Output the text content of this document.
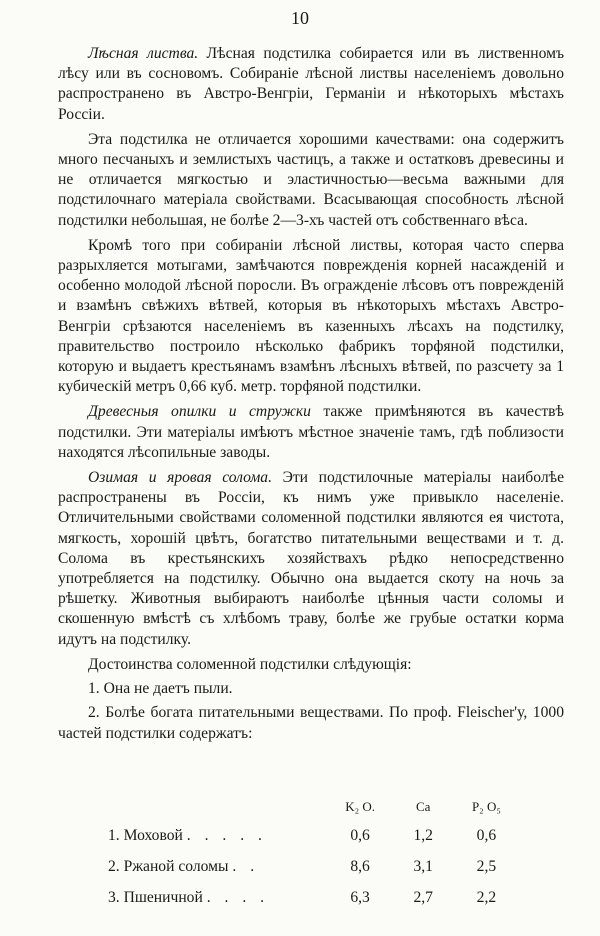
10

Лѣсная листва. Лѣсная подстилка собирается или въ лиственномъ лѣсу или въ сосновомъ. Собираніе лѣсной листвы населеніемъ довольно распространено въ Австро-Венгріи, Германіи и нѣкоторыхъ мѣстахъ Россіи.

Эта подстилка не отличается хорошими качествами: она содержитъ много песчаныхъ и землистыхъ частицъ, а также и остатковъ древесины и не отличается мягкостью и эластичностью—весьма важными для подстилочнаго матеріала свойствами. Всасывающая способность лѣсной подстилки небольшая, не болѣе 2—3-хъ частей отъ собственнаго вѣса.

Кромѣ того при собираніи лѣсной листвы, которая часто сперва разрыхляется мотыгами, замѣчаются поврежденія корней насажденій и особенно молодой лѣсной поросли. Въ огражденіе лѣсовъ отъ поврежденій и взамѣнъ свѣжихъ вѣтвей, которыя въ нѣкоторыхъ мѣстахъ Австро-Венгріи срѣзаются населеніемъ въ казенныхъ лѣсахъ на подстилку, правительство построило нѣсколько фабрикъ торфяной подстилки, которую и выдаетъ крестьянамъ взамѣнъ лѣсныхъ вѣтвей, по разсчету за 1 кубическій метръ 0,66 куб. метр. торфяной подстилки.

Древесныя опилки и стружки также примѣняются въ качествѣ подстилки. Эти матеріалы имѣютъ мѣстное значеніе тамъ, гдѣ поблизости находятся лѣсопильные заводы.

Озимая и яровая солома. Эти подстилочные матеріалы наиболѣе распространены въ Россіи, къ нимъ уже привыкло населеніе. Отличительными свойствами соломенной подстилки являются ея чистота, мягкость, хорошій цвѣтъ, богатство питательными веществами и т. д. Солома въ крестьянскихъ хозяйствахъ рѣдко непосредственно употребляется на подстилку. Обычно она выдается скоту на ночь за рѣшетку. Животныя выбираютъ наиболѣе цѣнныя части соломы и скошенную вмѣстѣ съ хлѣбомъ траву, болѣе же грубые остатки корма идутъ на подстилку.

Достоинства соломенной подстилки слѣдующія:

1. Она не даетъ пыли.

2. Болѣе богата питательными веществами. По проф. Fleischer'у, 1000 частей подстилки содержатъ:

	K₂ O.	Ca	P₂ O₅
1. Моховой . . . . .	0,6	1,2	0,6
2. Ржаной соломы . .	8,6	3,1	2,5
3. Пшеничной . . . .	6,3	2,7	2,2
